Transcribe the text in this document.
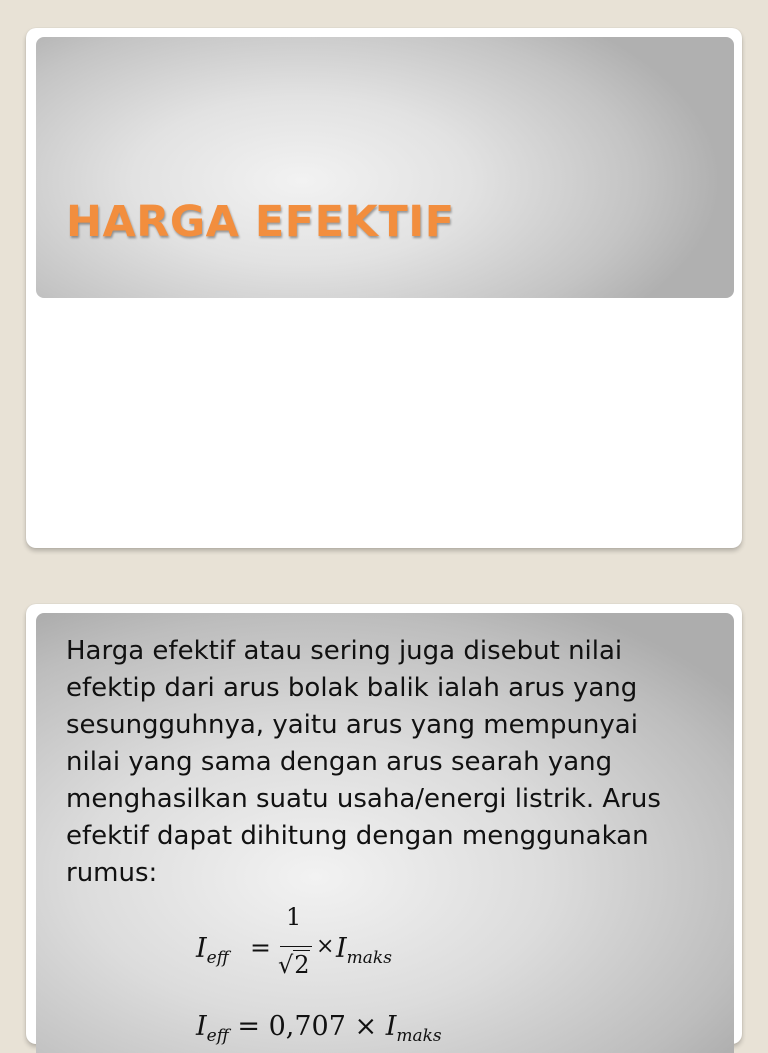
HARGA EFEKTIF

Harga efektif atau sering juga disebut nilai efektip dari arus bolak balik ialah arus yang sesungguhnya, yaitu arus yang mempunyai nilai yang sama dengan arus searah yang menghasilkan suatu usaha/energi listrik. Arus efektif dapat dihitung dengan menggunakan rumus:

$I_{eff}$ =
1
√2
× $I_{maks}$
$I_{eff} = 0,707 \times I_{maks}$
